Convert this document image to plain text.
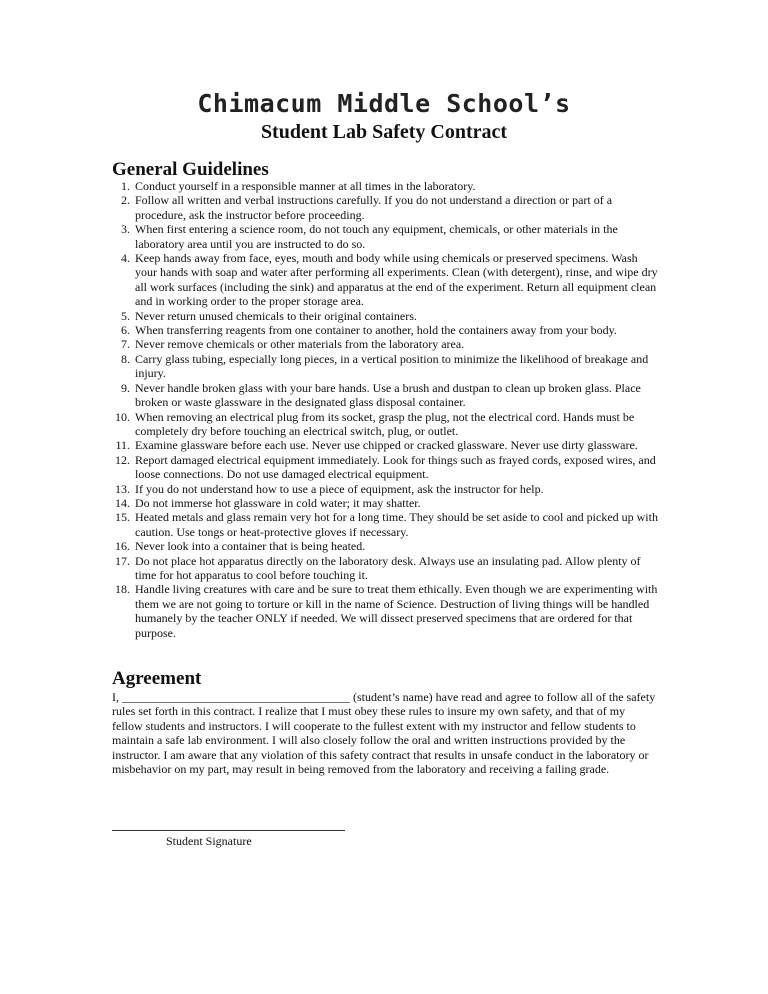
Chimacum Middle School’s
Student Lab Safety Contract
General Guidelines
1. Conduct yourself in a responsible manner at all times in the laboratory.
2. Follow all written and verbal instructions carefully. If you do not understand a direction or part of a procedure, ask the instructor before proceeding.
3. When first entering a science room, do not touch any equipment, chemicals, or other materials in the laboratory area until you are instructed to do so.
4. Keep hands away from face, eyes, mouth and body while using chemicals or preserved specimens. Wash your hands with soap and water after performing all experiments. Clean (with detergent), rinse, and wipe dry all work surfaces (including the sink) and apparatus at the end of the experiment. Return all equipment clean and in working order to the proper storage area.
5. Never return unused chemicals to their original containers.
6. When transferring reagents from one container to another, hold the containers away from your body.
7. Never remove chemicals or other materials from the laboratory area.
8. Carry glass tubing, especially long pieces, in a vertical position to minimize the likelihood of breakage and injury.
9. Never handle broken glass with your bare hands. Use a brush and dustpan to clean up broken glass. Place broken or waste glassware in the designated glass disposal container.
10. When removing an electrical plug from its socket, grasp the plug, not the electrical cord. Hands must be completely dry before touching an electrical switch, plug, or outlet.
11. Examine glassware before each use. Never use chipped or cracked glassware. Never use dirty glassware.
12. Report damaged electrical equipment immediately. Look for things such as frayed cords, exposed wires, and loose connections. Do not use damaged electrical equipment.
13. If you do not understand how to use a piece of equipment, ask the instructor for help.
14. Do not immerse hot glassware in cold water; it may shatter.
15. Heated metals and glass remain very hot for a long time. They should be set aside to cool and picked up with caution. Use tongs or heat-protective gloves if necessary.
16. Never look into a container that is being heated.
17. Do not place hot apparatus directly on the laboratory desk. Always use an insulating pad. Allow plenty of time for hot apparatus to cool before touching it.
18. Handle living creatures with care and be sure to treat them ethically. Even though we are experimenting with them we are not going to torture or kill in the name of Science. Destruction of living things will be handled humanely by the teacher ONLY if needed. We will dissect preserved specimens that are ordered for that purpose.
Agreement

I, ______________________________________ (student’s name) have read and agree to follow all of the safety rules set forth in this contract. I realize that I must obey these rules to insure my own safety, and that of my fellow students and instructors. I will cooperate to the fullest extent with my instructor and fellow students to maintain a safe lab environment. I will also closely follow the oral and written instructions provided by the instructor. I am aware that any violation of this safety contract that results in unsafe conduct in the laboratory or misbehavior on my part, may result in being removed from the laboratory and receiving a failing grade.

Student Signature
